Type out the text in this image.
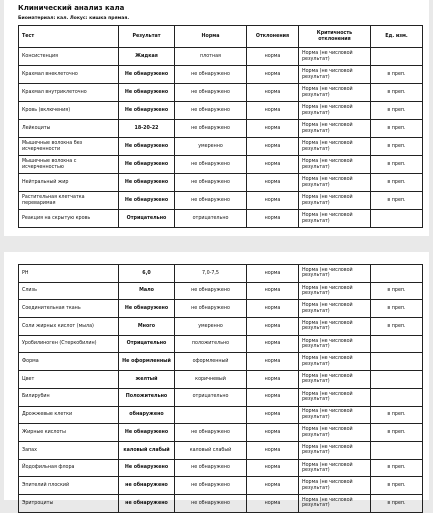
Клинический анализ кала
Биоматериал: кал. Локус: кишка прямая.
Тест	Результат	Норма	Отклонения	Критичность отклонения	Ед. изм.
Консистенция	Жидкая	плотная	норма	Норма (не числовой результат)	
Крахмал внеклеточно	Не обнаружено	не обнаружено	норма	Норма (не числовой результат)	в преп.
Крахмал внутриклеточно	Не обнаружено	не обнаружено	норма	Норма (не числовой результат)	в преп.
Кровь (включения)	Не обнаружено	не обнаружено	норма	Норма (не числовой результат)	в преп.
Лейкоциты	18-20-22	не обнаружено	норма	Норма (не числовой результат)	в преп.
Мышечные волокна без исчерченности	Не обнаружено	умеренно	норма	Норма (не числовой результат)	в преп.
Мышечные волокна с исчерченностью	Не обнаружено	не обнаружено	норма	Норма (не числовой результат)	в преп.
Нейтральный жир	Не обнаружено	не обнаружено	норма	Норма (не числовой результат)	в преп.
Растительная клетчатка переваримая	Не обнаружено	не обнаружено	норма	Норма (не числовой результат)	в преп.
Реакция на скрытую кровь	Отрицательно	отрицательно	норма	Норма (не числовой результат)	
PH	6,0	7,0-7,5	норма	Норма (не числовой результат)	
Слизь	Мало	не обнаружено	норма	Норма (не числовой результат)	в преп.
Соединительная ткань	Не обнаружено	не обнаружено	норма	Норма (не числовой результат)	в преп.
Соли жирных кислот (мыла)	Много	умеренно	норма	Норма (не числовой результат)	в преп.
Уробилиноген (Стеркобилин)	Отрицательно	положительно	норма	Норма (не числовой результат)	
Форма	Не оформленный	оформленный	норма	Норма (не числовой результат)	
Цвет	желтый	коричневый	норма	Норма (не числовой результат)	
Билирубин	Положительно	отрицательно	норма	Норма (не числовой результат)	
Дрожжевые клетки	обнаружено		норма	Норма (не числовой результат)	в преп.
Жирные кислоты	Не обнаружено	не обнаружено	норма	Норма (не числовой результат)	в преп.
Запах	каловый слабый	каловый слабый	норма	Норма (не числовой результат)	
Йодофильная флора	Не обнаружено	не обнаружено	норма	Норма (не числовой результат)	в преп.
Эпителий плоский	не обнаружено	не обнаружено	норма	Норма (не числовой результат)	в преп.
Эритроциты	не обнаружено	не обнаружено	норма	Норма (не числовой результат)	в преп.
